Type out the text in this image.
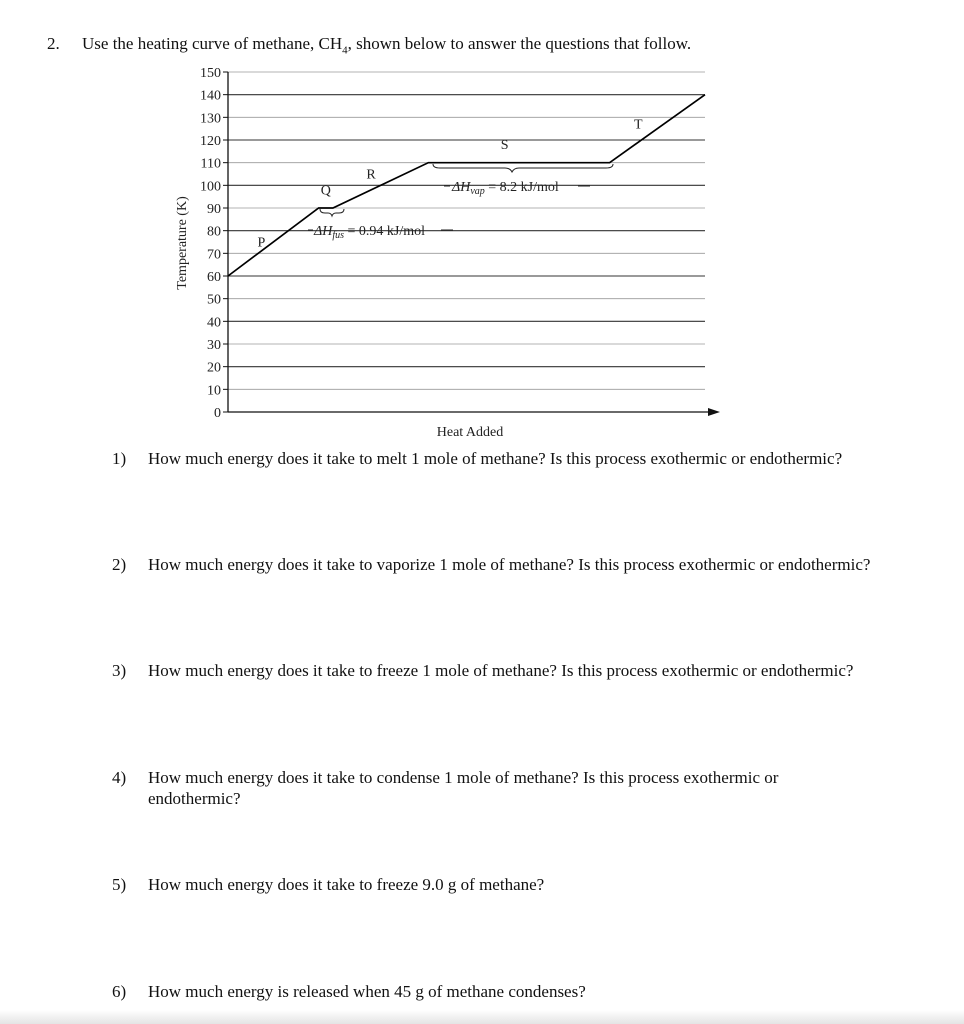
2. Use the heating curve of methane, $CH_4$, shown below to answer the questions that follow.
0
10
20
30
40
50
60
70
80
90
100
110
120
130
140
150
Temperature (K)
Heat Added
P
Q
R
S
T
$\Delta H_{fus} = 0.94$ kJ/mol
$\Delta H_{vap} = 8.2$ kJ/mol
1) How much energy does it take to melt 1 mole of methane? Is this process exothermic or endothermic?
2) How much energy does it take to vaporize 1 mole of methane? Is this process exothermic or endothermic?
3) How much energy does it take to freeze 1 mole of methane? Is this process exothermic or endothermic?
4) How much energy does it take to condense 1 mole of methane? Is this process exothermic or endothermic?
5) How much energy does it take to freeze 9.0 g of methane?
6) How much energy is released when 45 g of methane condenses?
